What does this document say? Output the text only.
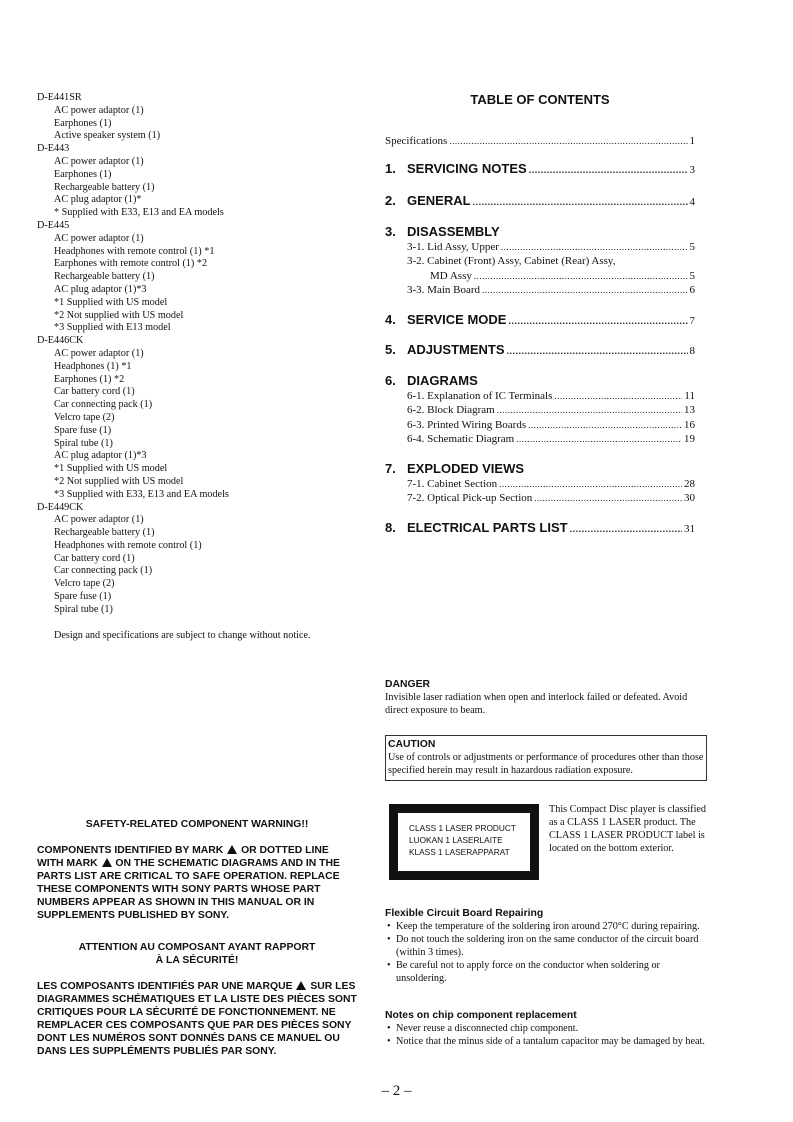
D-E441SR
AC power adaptor (1)
Earphones (1)
Active speaker system (1)
D-E443
AC power adaptor (1)
Earphones (1)
Rechargeable battery (1)
AC plug adaptor (1)*
* Supplied with E33, E13 and EA models
D-E445
AC power adaptor (1)
Headphones with remote control (1) *1
Earphones with remote control (1) *2
Rechargeable battery (1)
AC plug adaptor (1)*3
*1 Supplied with US model
*2 Not supplied with US model
*3 Supplied with E13 model
D-E446CK
AC power adaptor (1)
Headphones (1) *1
Earphones (1) *2
Car battery cord (1)
Car connecting pack (1)
Velcro tape (2)
Spare fuse (1)
Spiral tube (1)
AC plug adaptor (1)*3
*1 Supplied with US model
*2 Not supplied with US model
*3 Supplied with E33, E13 and EA models
D-E449CK
AC power adaptor (1)
Rechargeable battery (1)
Headphones with remote control (1)
Car battery cord (1)
Car connecting pack (1)
Velcro tape (2)
Spare fuse (1)
Spiral tube (1)
Design and specifications are subject to change without notice.

SAFETY-RELATED COMPONENT WARNING!!

COMPONENTS IDENTIFIED BY MARK OR DOTTED LINE WITH MARK ON THE SCHEMATIC DIAGRAMS AND IN THE PARTS LIST ARE CRITICAL TO SAFE OPERATION. REPLACE THESE COMPONENTS WITH SONY PARTS WHOSE PART NUMBERS APPEAR AS SHOWN IN THIS MANUAL OR IN SUPPLEMENTS PUBLISHED BY SONY.

ATTENTION AU COMPOSANT AYANT RAPPORT
À LA SÉCURITÉ!

LES COMPOSANTS IDENTIFIÉS PAR UNE MARQUE SUR LES DIAGRAMMES SCHÉMATIQUES ET LA LISTE DES PIÈCES SONT CRITIQUES POUR LA SÉCURITÉ DE FONCTIONNEMENT. NE REMPLACER CES COMPOSANTS QUE PAR DES PIÈCES SONY DONT LES NUMÉROS SONT DONNÉS DANS CE MANUEL OU DANS LES SUPPLÉMENTS PUBLIÉS PAR SONY.

TABLE OF CONTENTS
Specifications .....	1
1. SERVICING NOTES .....	3
2. GENERAL .....	4
3. DISASSEMBLY
3-1. Lid Assy, Upper .....	5
3-2. Cabinet (Front) Assy, Cabinet (Rear) Assy,
MD Assy .....	5
3-3. Main Board .....	6
4. SERVICE MODE .....	7
5. ADJUSTMENTS .....	8
6. DIAGRAMS
6-1. Explanation of IC Terminals .....	11
6-2. Block Diagram .....	13
6-3. Printed Wiring Boards .....	16
6-4. Schematic Diagram .....	19
7. EXPLODED VIEWS
7-1. Cabinet Section .....	28
7-2. Optical Pick-up Section .....	30
8. ELECTRICAL PARTS LIST .....	31
DANGER
Invisible laser radiation when open and interlock failed or defeated. Avoid direct exposure to beam.
CAUTION
Use of controls or adjustments or performance of procedures other than those specified herein may result in hazardous radiation exposure.
CLASS 1 LASER PRODUCT
LUOKAN 1 LASERLAITE
KLASS 1 LASERAPPARAT
This Compact Disc player is classified as a CLASS 1 LASER product. The CLASS 1 LASER PRODUCT label is located on the bottom exterior.
Flexible Circuit Board Repairing
• Keep the temperature of the soldering iron around 270°C during repairing.
• Do not touch the soldering iron on the same conductor of the circuit board (within 3 times).
• Be careful not to apply force on the conductor when soldering or unsoldering.
Notes on chip component replacement
• Never reuse a disconnected chip component.
• Notice that the minus side of a tantalum capacitor may be damaged by heat.
– 2 –
